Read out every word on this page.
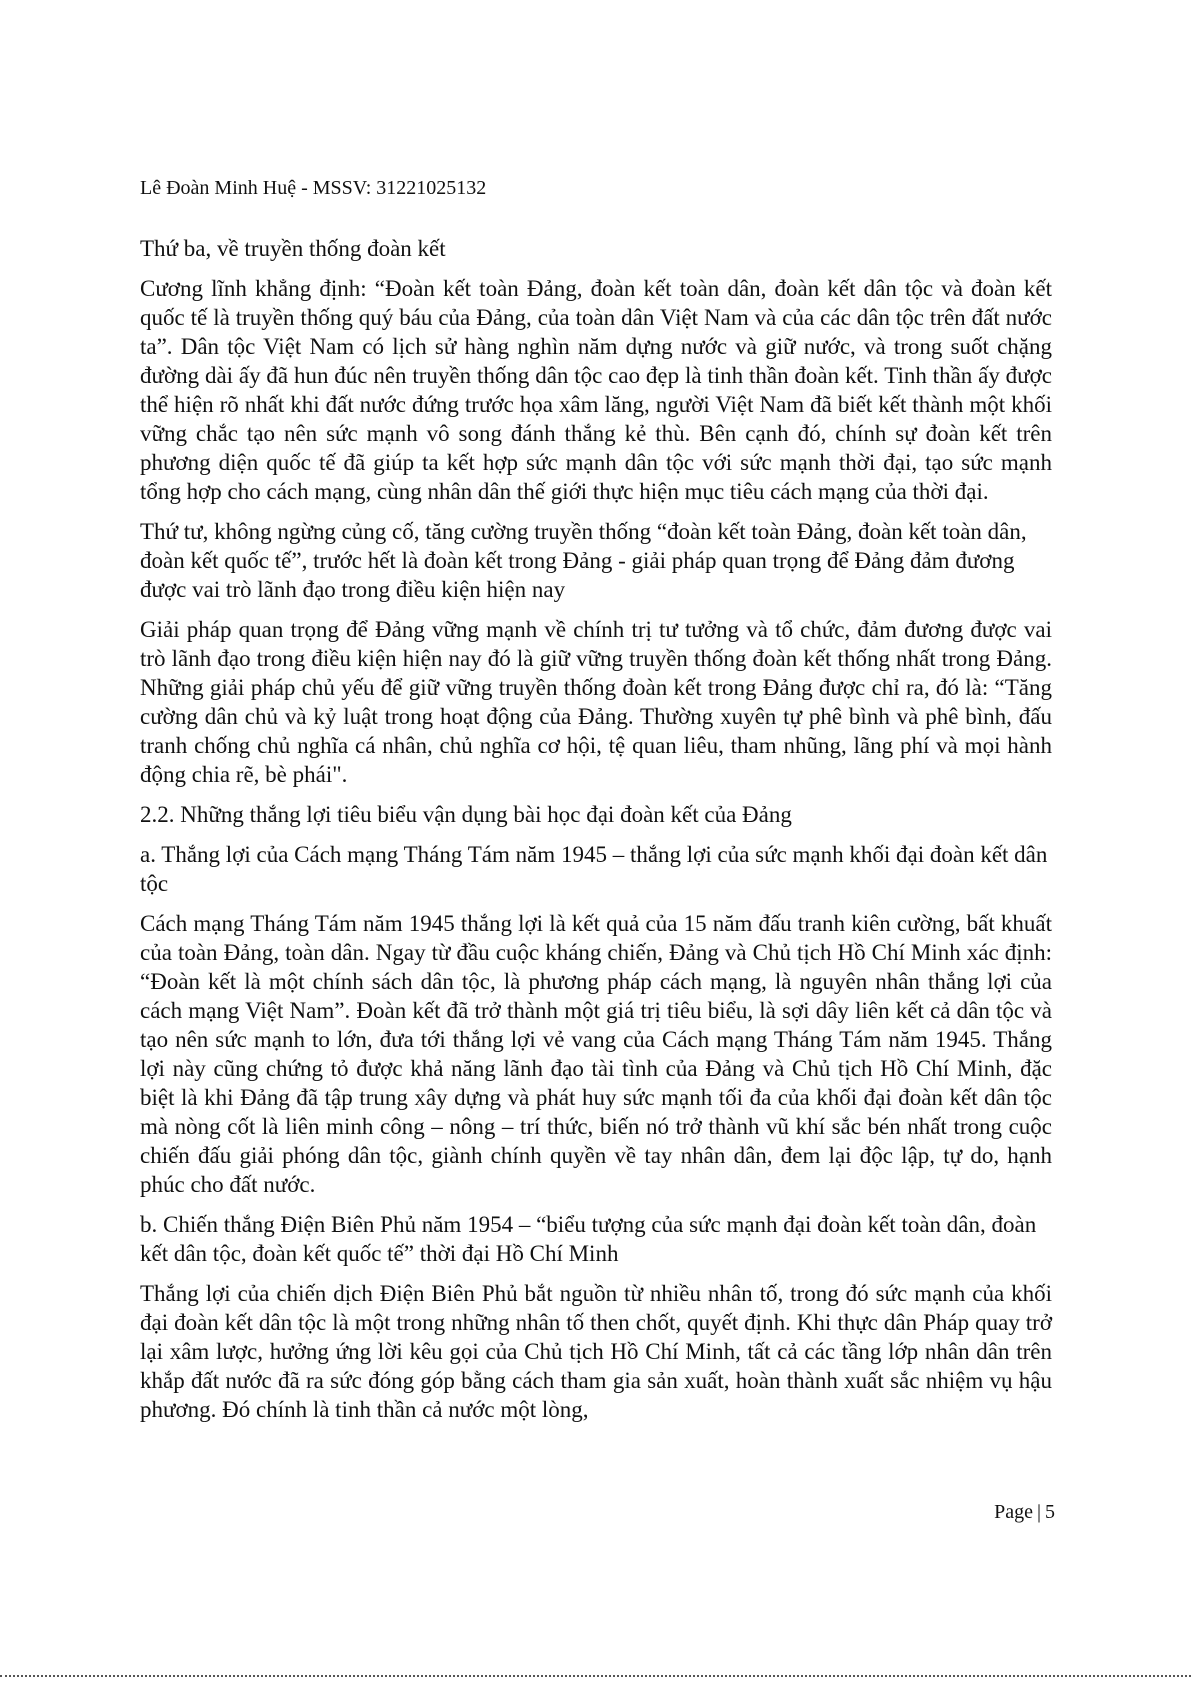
Lê Đoàn Minh Huệ - MSSV: 31221025132

Thứ ba, về truyền thống đoàn kết

Cương lĩnh khẳng định: “Đoàn kết toàn Đảng, đoàn kết toàn dân, đoàn kết dân tộc và đoàn kết quốc tế là truyền thống quý báu của Đảng, của toàn dân Việt Nam và của các dân tộc trên đất nước ta”. Dân tộc Việt Nam có lịch sử hàng nghìn năm dựng nước và giữ nước, và trong suốt chặng đường dài ấy đã hun đúc nên truyền thống dân tộc cao đẹp là tinh thần đoàn kết. Tinh thần ấy được thể hiện rõ nhất khi đất nước đứng trước họa xâm lăng, người Việt Nam đã biết kết thành một khối vững chắc tạo nên sức mạnh vô song đánh thắng kẻ thù. Bên cạnh đó, chính sự đoàn kết trên phương diện quốc tế đã giúp ta kết hợp sức mạnh dân tộc với sức mạnh thời đại, tạo sức mạnh tổng hợp cho cách mạng, cùng nhân dân thế giới thực hiện mục tiêu cách mạng của thời đại.

Thứ tư, không ngừng củng cố, tăng cường truyền thống “đoàn kết toàn Đảng, đoàn kết toàn dân, đoàn kết quốc tế”, trước hết là đoàn kết trong Đảng - giải pháp quan trọng để Đảng đảm đương được vai trò lãnh đạo trong điều kiện hiện nay

Giải pháp quan trọng để Đảng vững mạnh về chính trị tư tưởng và tổ chức, đảm đương được vai trò lãnh đạo trong điều kiện hiện nay đó là giữ vững truyền thống đoàn kết thống nhất trong Đảng. Những giải pháp chủ yếu để giữ vững truyền thống đoàn kết trong Đảng được chỉ ra, đó là: “Tăng cường dân chủ và kỷ luật trong hoạt động của Đảng. Thường xuyên tự phê bình và phê bình, đấu tranh chống chủ nghĩa cá nhân, chủ nghĩa cơ hội, tệ quan liêu, tham nhũng, lãng phí và mọi hành động chia rẽ, bè phái".

2.2. Những thắng lợi tiêu biểu vận dụng bài học đại đoàn kết của Đảng

a. Thắng lợi của Cách mạng Tháng Tám năm 1945 – thắng lợi của sức mạnh khối đại đoàn kết dân tộc

Cách mạng Tháng Tám năm 1945 thắng lợi là kết quả của 15 năm đấu tranh kiên cường, bất khuất của toàn Đảng, toàn dân. Ngay từ đầu cuộc kháng chiến, Đảng và Chủ tịch Hồ Chí Minh xác định: “Đoàn kết là một chính sách dân tộc, là phương pháp cách mạng, là nguyên nhân thắng lợi của cách mạng Việt Nam”. Đoàn kết đã trở thành một giá trị tiêu biểu, là sợi dây liên kết cả dân tộc và tạo nên sức mạnh to lớn, đưa tới thắng lợi vẻ vang của Cách mạng Tháng Tám năm 1945. Thắng lợi này cũng chứng tỏ được khả năng lãnh đạo tài tình của Đảng và Chủ tịch Hồ Chí Minh, đặc biệt là khi Đảng đã tập trung xây dựng và phát huy sức mạnh tối đa của khối đại đoàn kết dân tộc mà nòng cốt là liên minh công – nông – trí thức, biến nó trở thành vũ khí sắc bén nhất trong cuộc chiến đấu giải phóng dân tộc, giành chính quyền về tay nhân dân, đem lại độc lập, tự do, hạnh phúc cho đất nước.

b. Chiến thắng Điện Biên Phủ năm 1954 – “biểu tượng của sức mạnh đại đoàn kết toàn dân, đoàn kết dân tộc, đoàn kết quốc tế” thời đại Hồ Chí Minh

Thắng lợi của chiến dịch Điện Biên Phủ bắt nguồn từ nhiều nhân tố, trong đó sức mạnh của khối đại đoàn kết dân tộc là một trong những nhân tố then chốt, quyết định. Khi thực dân Pháp quay trở lại xâm lược, hưởng ứng lời kêu gọi của Chủ tịch Hồ Chí Minh, tất cả các tầng lớp nhân dân trên khắp đất nước đã ra sức đóng góp bằng cách tham gia sản xuất, hoàn thành xuất sắc nhiệm vụ hậu phương. Đó chính là tinh thần cả nước một lòng,

Page | 5
